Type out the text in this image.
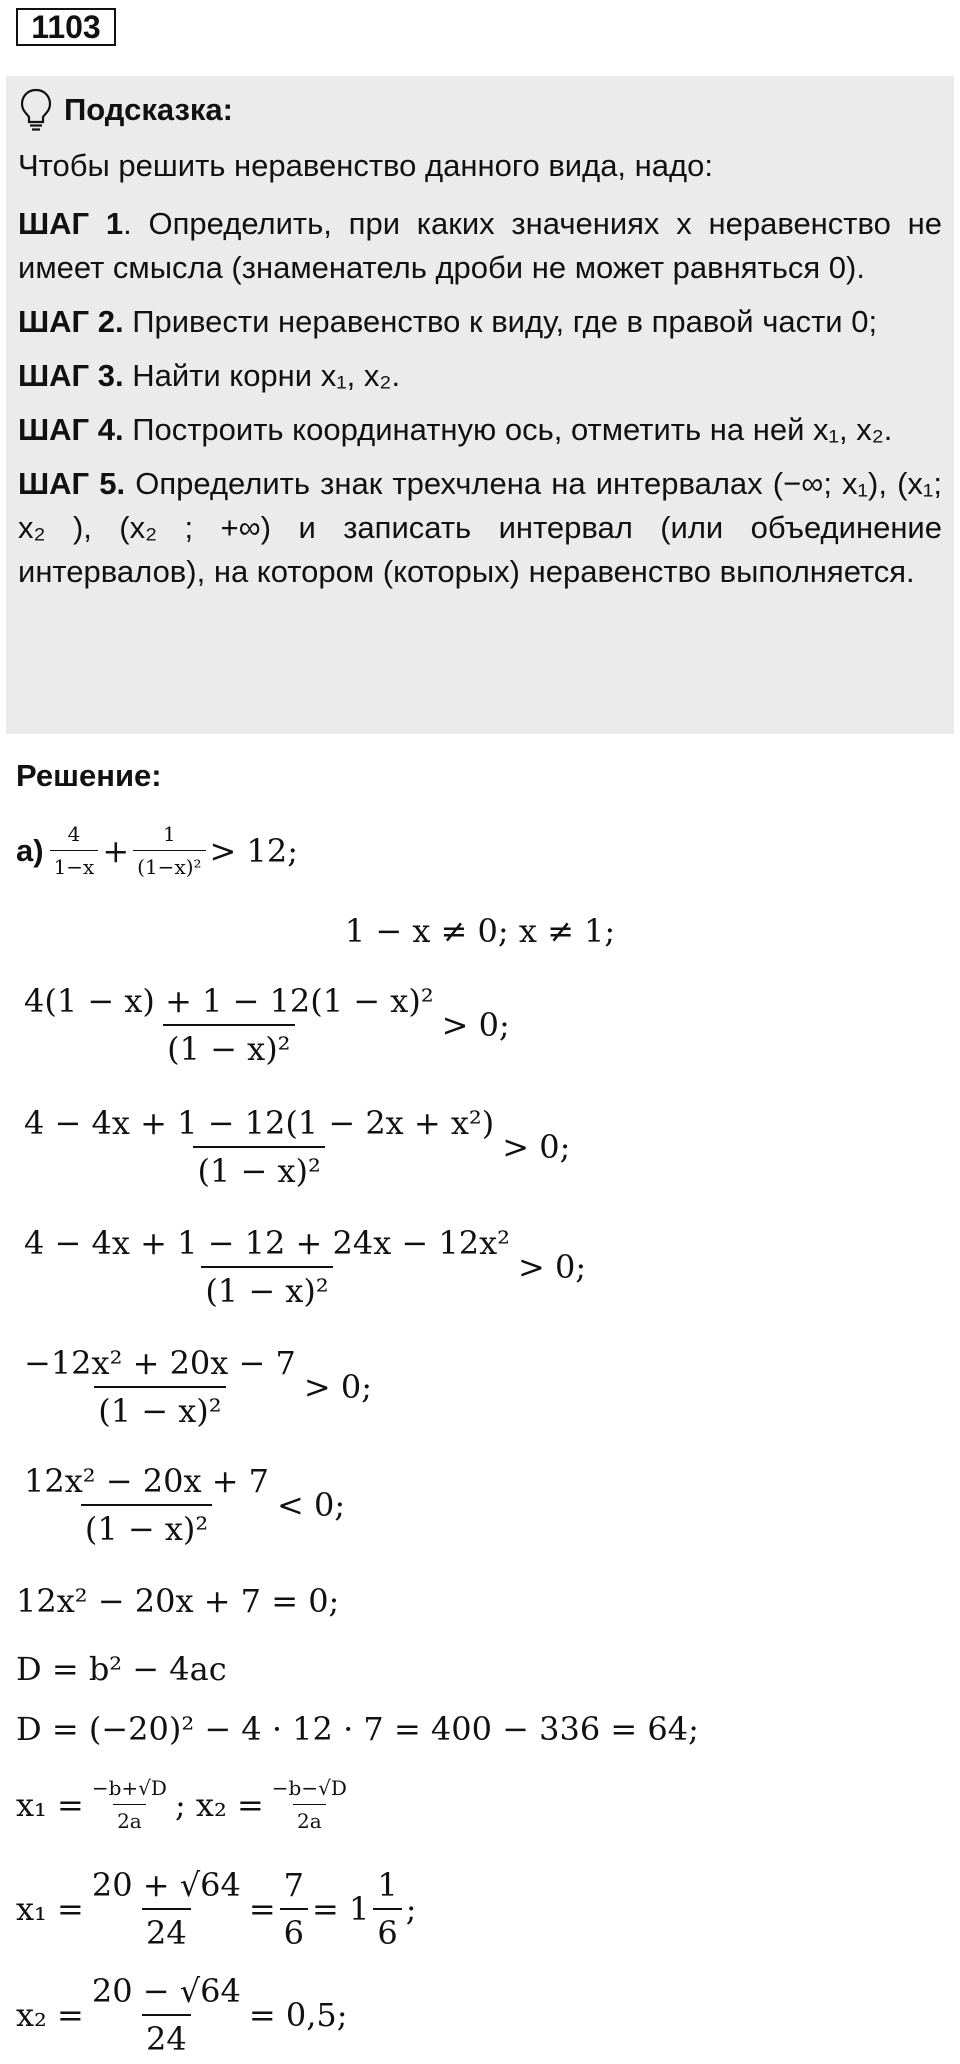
1103
Подсказка:

Чтобы решить неравенство данного вида, надо:

ШАГ 1. Определить, при каких значениях x неравенство не имеет смысла (знаменатель дроби не может равняться 0).

ШАГ 2. Привести неравенство к виду, где в правой части 0;

ШАГ 3. Найти корни x₁, x₂.

ШАГ 4. Построить координатную ось, отметить на ней x₁, x₂.

ШАГ 5. Определить знак трехчлена на интервалах (−∞; x₁), (x₁; x₂ ), (x₂ ; +∞) и записать интервал (или объединение интервалов), на котором (которых) неравенство выполняется.

Решение:
$а) \frac{4}{1-x} + \frac{1}{\text{(1−x)²}} > 12$;
1 − x ≠ 0; x ≠ 1;
$\frac{\text{4(1 − x) + 1 − 12(1 − x)²}}{\text{(1 − x)²}} > 0$;
$\frac{\text{4 − 4x + 1 − 12(1 − 2x + x²)}}{\text{(1 − x)²}} > 0$;
$\frac{\text{4 − 4x + 1 − 12 + 24x − 12x²}}{\text{(1 − x)²}} > 0$;
$\frac{\text{−12x² + 20x − 7}}{\text{(1 − x)²}} > 0$;
$\frac{\text{12x² − 20x + 7}}{\text{(1 − x)²}} < 0$;
12x² − 20x + 7 = 0;
D = b² − 4ac
D = (−20)² − 4 · 12 · 7 = 400 − 336 = 64;
$x_1 = \frac{-b+√D}{2a}$ ; $x_2 = \frac{-b-√D}{2a}$
$x_1 = \frac{20 + √64}{24} = \frac{7}{6} = 1 \frac{1}{6}$ ;
$x_2 = \frac{20 - √64}{24} = 0,5$;
